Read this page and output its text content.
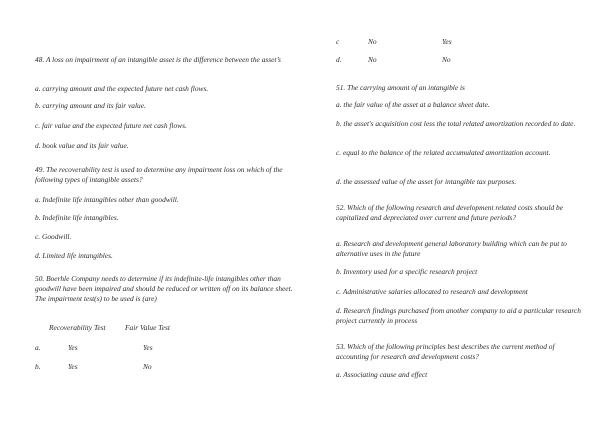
48. A loss on impairment of an intangible asset is the difference between the asset’s
a. carrying amount and the expected future net cash flows.
b. carrying amount and its fair value.
c. fair value and the expected future net cash flows.
d. book value and its fair value.
49. The recoverability test is used to determine any impairment loss on which of the following types of intangible assets?
a. Indefinite life intangibles other than goodwill.
b. Indefinite life intangibles.
c. Goodwill.
d. Limited life intangibles.
50. Boerhle Company needs to determine if its indefinite-life intangibles other than goodwill have been impaired and should be reduced or written off on its balance sheet. The impairment test(s) to be used is (are)
Recoverability Test	Fair Value Test
a.	Yes	Yes
b.	Yes	No
c	No	Yes
d.	No	No
51. The carrying amount of an intangible is
a. the fair value of the asset at a balance sheet date.
b. the asset's acquisition cost less the total related amortization recorded to date.
c. equal to the balance of the related accumulated amortization account.
d. the assessed value of the asset for intangible tax purposes.
52. Which of the following research and development related costs should be capitalized and depreciated over current and future periods?
a. Research and development general laboratory building which can be put to alternative uses in the future
b. Inventory used for a specific research project
c. Administrative salaries allocated to research and development
d. Research findings purchased from another company to aid a particular research project currently in process
53. Which of the following principles best describes the current method of accounting for research and development costs?
a. Associating cause and effect
